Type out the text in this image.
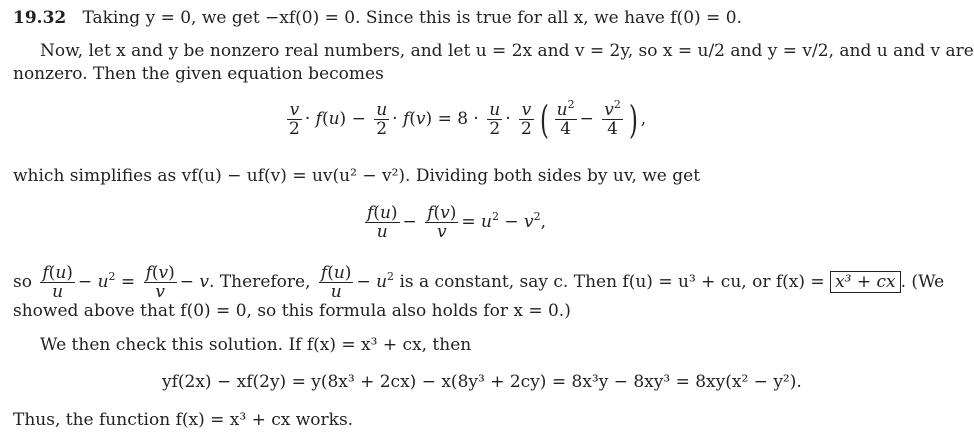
19.32 Taking y = 0, we get −xf(0) = 0. Since this is true for all x, we have f(0) = 0.
Now, let x and y be nonzero real numbers, and let u = 2x and v = 2y, so x = u/2 and y = v/2, and u and v are
nonzero. Then the given equation becomes
$\frac{v}{2} \cdot f(u) - \frac{u}{2} \cdot f(v) = 8 \cdot \frac{u}{2} \cdot \frac{v}{2}$ ( $\frac{u^2}{4} - \frac{v^2}{4}$ ) ,
which simplifies as vf(u) − uf(v) = uv(u² − v²). Dividing both sides by uv, we get
$\frac{f(u)}{u} - \frac{f(v)}{v} = u^2 - v^2$,
so $\frac{f(u)}{u} - u^2 = \frac{f(v)}{v} - v$. Therefore, $\frac{f(u)}{u} - u^2$ is a constant, say c. Then f(u) = u³ + cu, or f(x) = x³ + cx . (We
showed above that f(0) = 0, so this formula also holds for x = 0.)
We then check this solution. If f(x) = x³ + cx, then
yf(2x) − xf(2y) = y(8x³ + 2cx) − x(8y³ + 2cy) = 8x³y − 8xy³ = 8xy(x² − y²).
Thus, the function f(x) = x³ + cx works.
